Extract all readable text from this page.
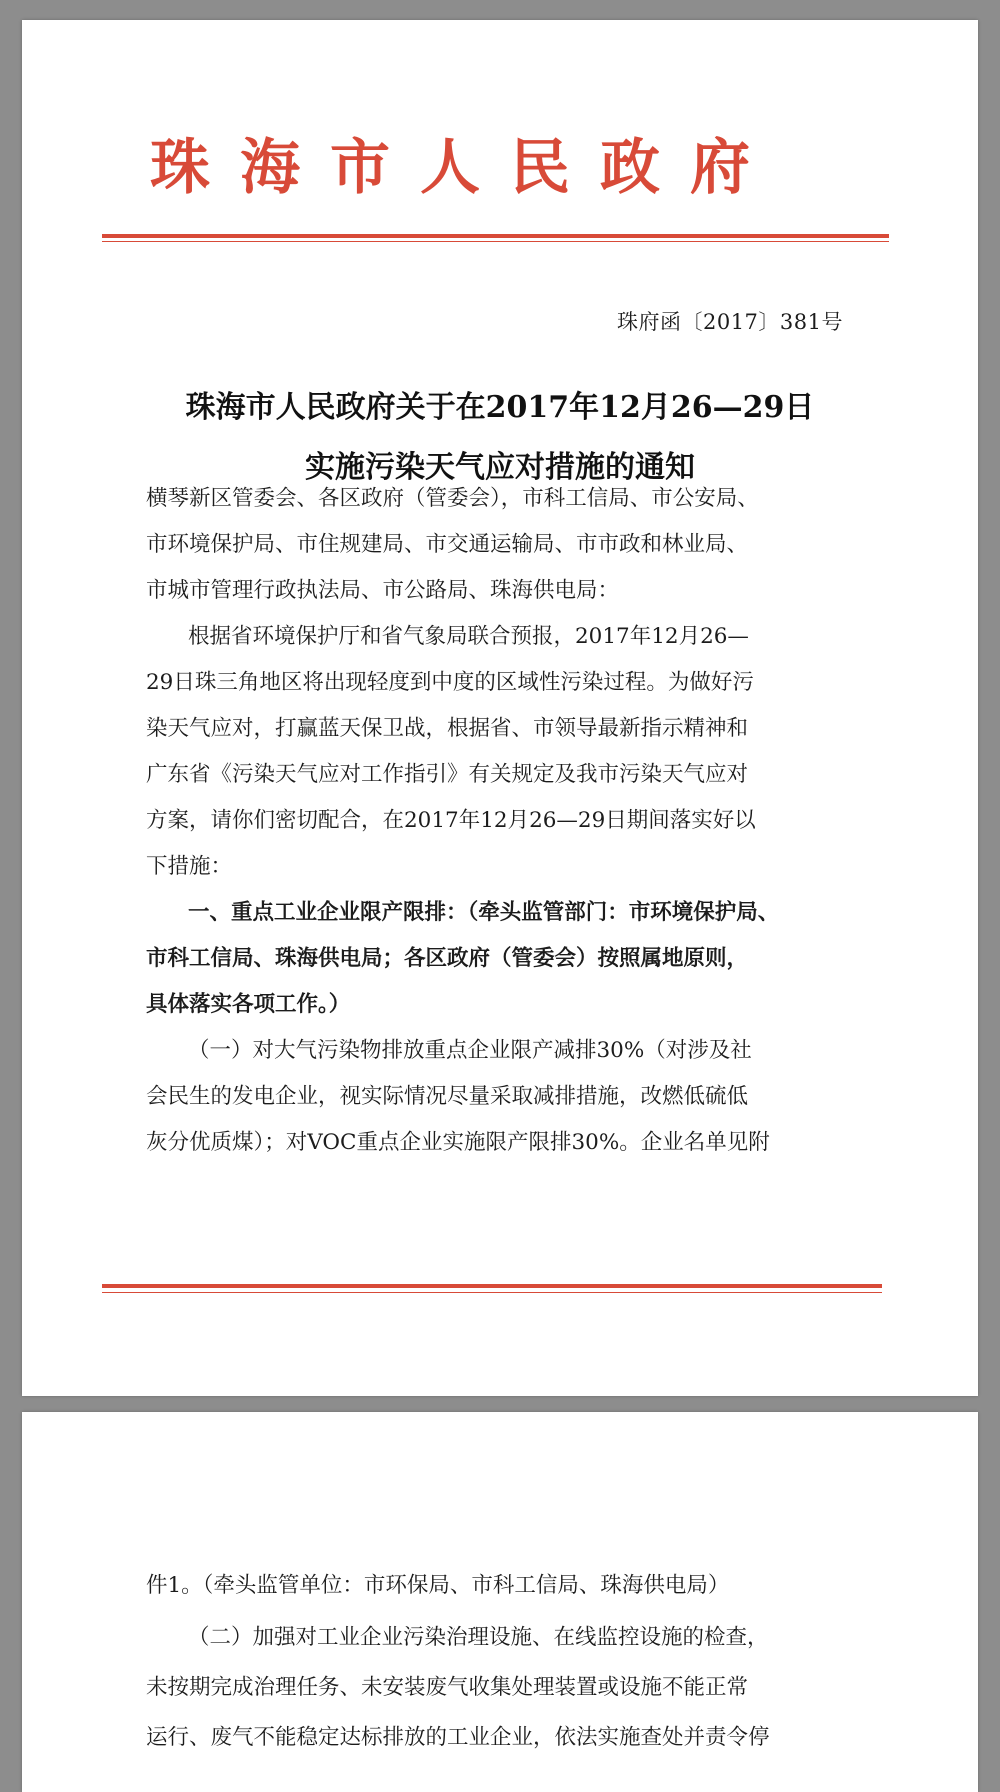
珠海市人民政府
珠府函〔2017〕381号
珠海市人民政府关于在2017年12月26—29日
实施污染天气应对措施的通知
横琴新区管委会、各区政府（管委会），市科工信局、市公安局、
市环境保护局、市住规建局、市交通运输局、市市政和林业局、
市城市管理行政执法局、市公路局、珠海供电局：
根据省环境保护厅和省气象局联合预报，2017年12月26—
29日珠三角地区将出现轻度到中度的区域性污染过程。为做好污
染天气应对，打赢蓝天保卫战，根据省、市领导最新指示精神和
广东省《污染天气应对工作指引》有关规定及我市污染天气应对
方案，请你们密切配合，在2017年12月26—29日期间落实好以
下措施：
一、重点工业企业限产限排：（牵头监管部门：市环境保护局、
市科工信局、珠海供电局；各区政府（管委会）按照属地原则，
具体落实各项工作。）
（一）对大气污染物排放重点企业限产减排30%（对涉及社
会民生的发电企业，视实际情况尽量采取减排措施，改燃低硫低
灰分优质煤）；对VOC重点企业实施限产限排30%。企业名单见附
件1。（牵头监管单位：市环保局、市科工信局、珠海供电局）
（二）加强对工业企业污染治理设施、在线监控设施的检查，
未按期完成治理任务、未安装废气收集处理装置或设施不能正常
运行、废气不能稳定达标排放的工业企业，依法实施查处并责令停
